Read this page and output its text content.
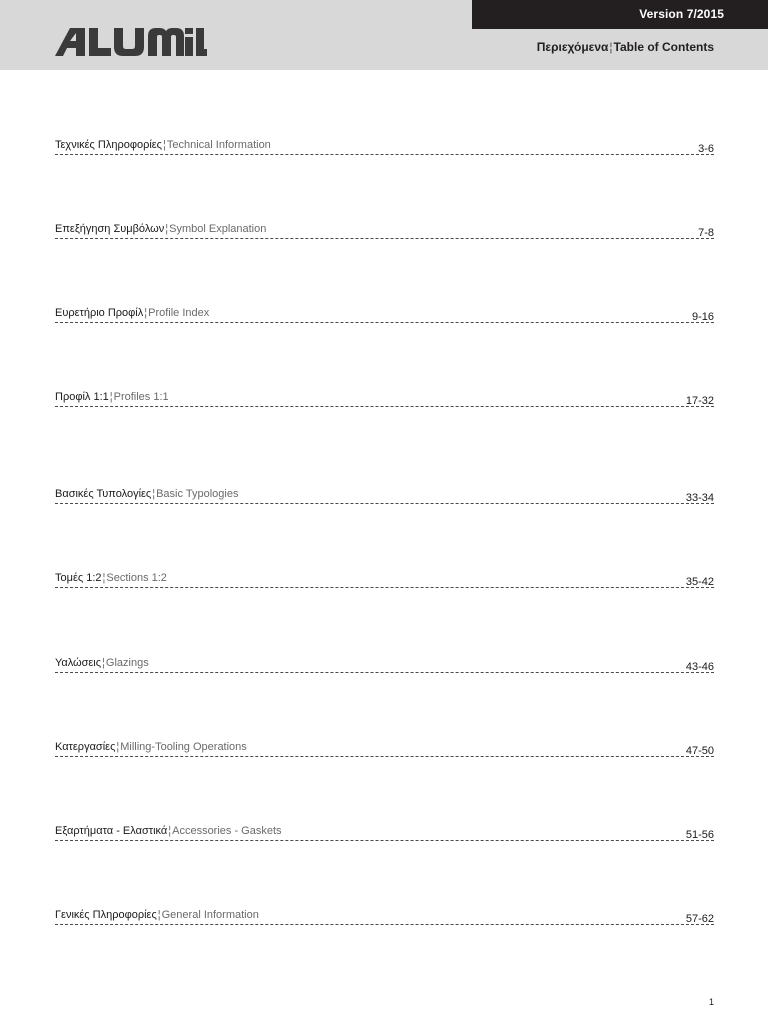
Version 7/2015
Περιεχόμενα¦Table of Contents
Τεχνικές Πληροφορίες¦Technical Information	3-6
Επεξήγηση Συμβόλων¦Symbol Explanation	7-8
Ευρετήριο Προφίλ¦Profile Index	9-16
Προφίλ 1:1¦Profiles 1:1	17-32
Βασικές Τυπολογίες¦Basic Typologies	33-34
Τομές 1:2¦Sections 1:2	35-42
Υαλώσεις¦Glazings	43-46
Κατεργασίες¦Milling-Tooling Operations	47-50
Εξαρτήματα - Ελαστικά¦Accessories - Gaskets	51-56
Γενικές Πληροφορίες¦General Information	57-62
1
